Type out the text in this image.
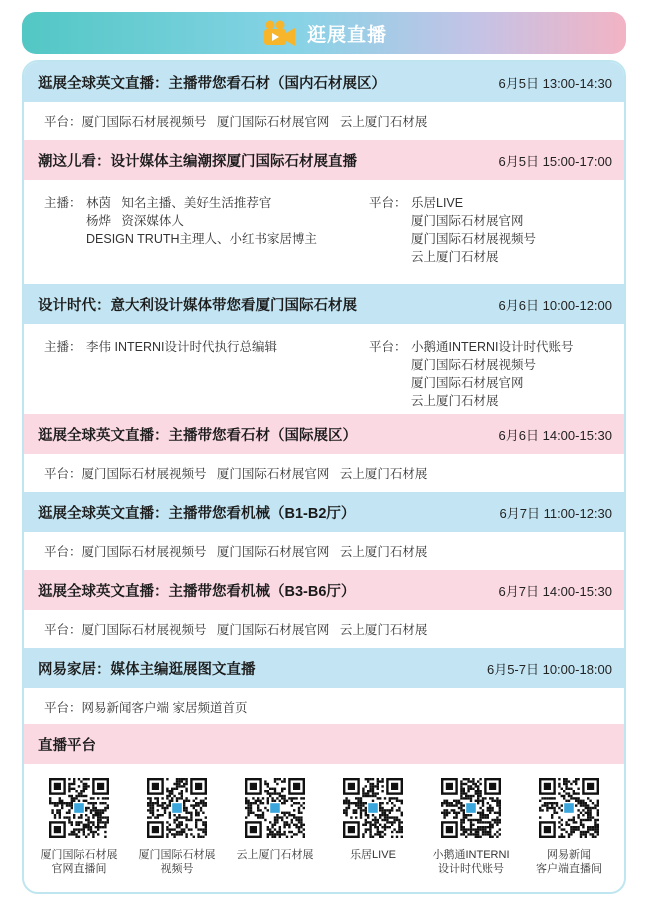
逛展直播
逛展全球英文直播：主播带您看石材（国内石材展区）	6月5日 13:00-14:30
平台： 厦门国际石材展视频号   厦门国际石材展官网   云上厦门石材展
潮这儿看：设计媒体主编潮探厦门国际石材展直播	6月5日 15:00-17:00
主播： 林茵   知名主播、美好生活推荐官
杨烨   资深媒体人
DESIGN TRUTH主理人、小红书家居博主
平台： 乐居LIVE
厦门国际石材展官网
厦门国际石材展视频号
云上厦门石材展
设计时代：意大利设计媒体带您看厦门国际石材展	6月6日 10:00-12:00
主播： 李伟 INTERNI设计时代执行总编辑	平台： 小鹅通INTERNI设计时代账号
厦门国际石材展视频号
厦门国际石材展官网
云上厦门石材展
逛展全球英文直播：主播带您看石材（国际展区）	6月6日 14:00-15:30
平台： 厦门国际石材展视频号   厦门国际石材展官网   云上厦门石材展
逛展全球英文直播：主播带您看机械（B1-B2厅）	6月7日 11:00-12:30
平台： 厦门国际石材展视频号   厦门国际石材展官网   云上厦门石材展
逛展全球英文直播：主播带您看机械（B3-B6厅）	6月7日 14:00-15:30
平台： 厦门国际石材展视频号   厦门国际石材展官网   云上厦门石材展
网易家居：媒体主编逛展图文直播	6月5-7日 10:00-18:00
平台： 网易新闻客户端 家居频道首页
直播平台
厦门国际石材展
官网直播间
厦门国际石材展
视频号
云上厦门石材展	乐居LIVE	小鹅通INTERNI
设计时代账号
网易新闻
客户端直播间
